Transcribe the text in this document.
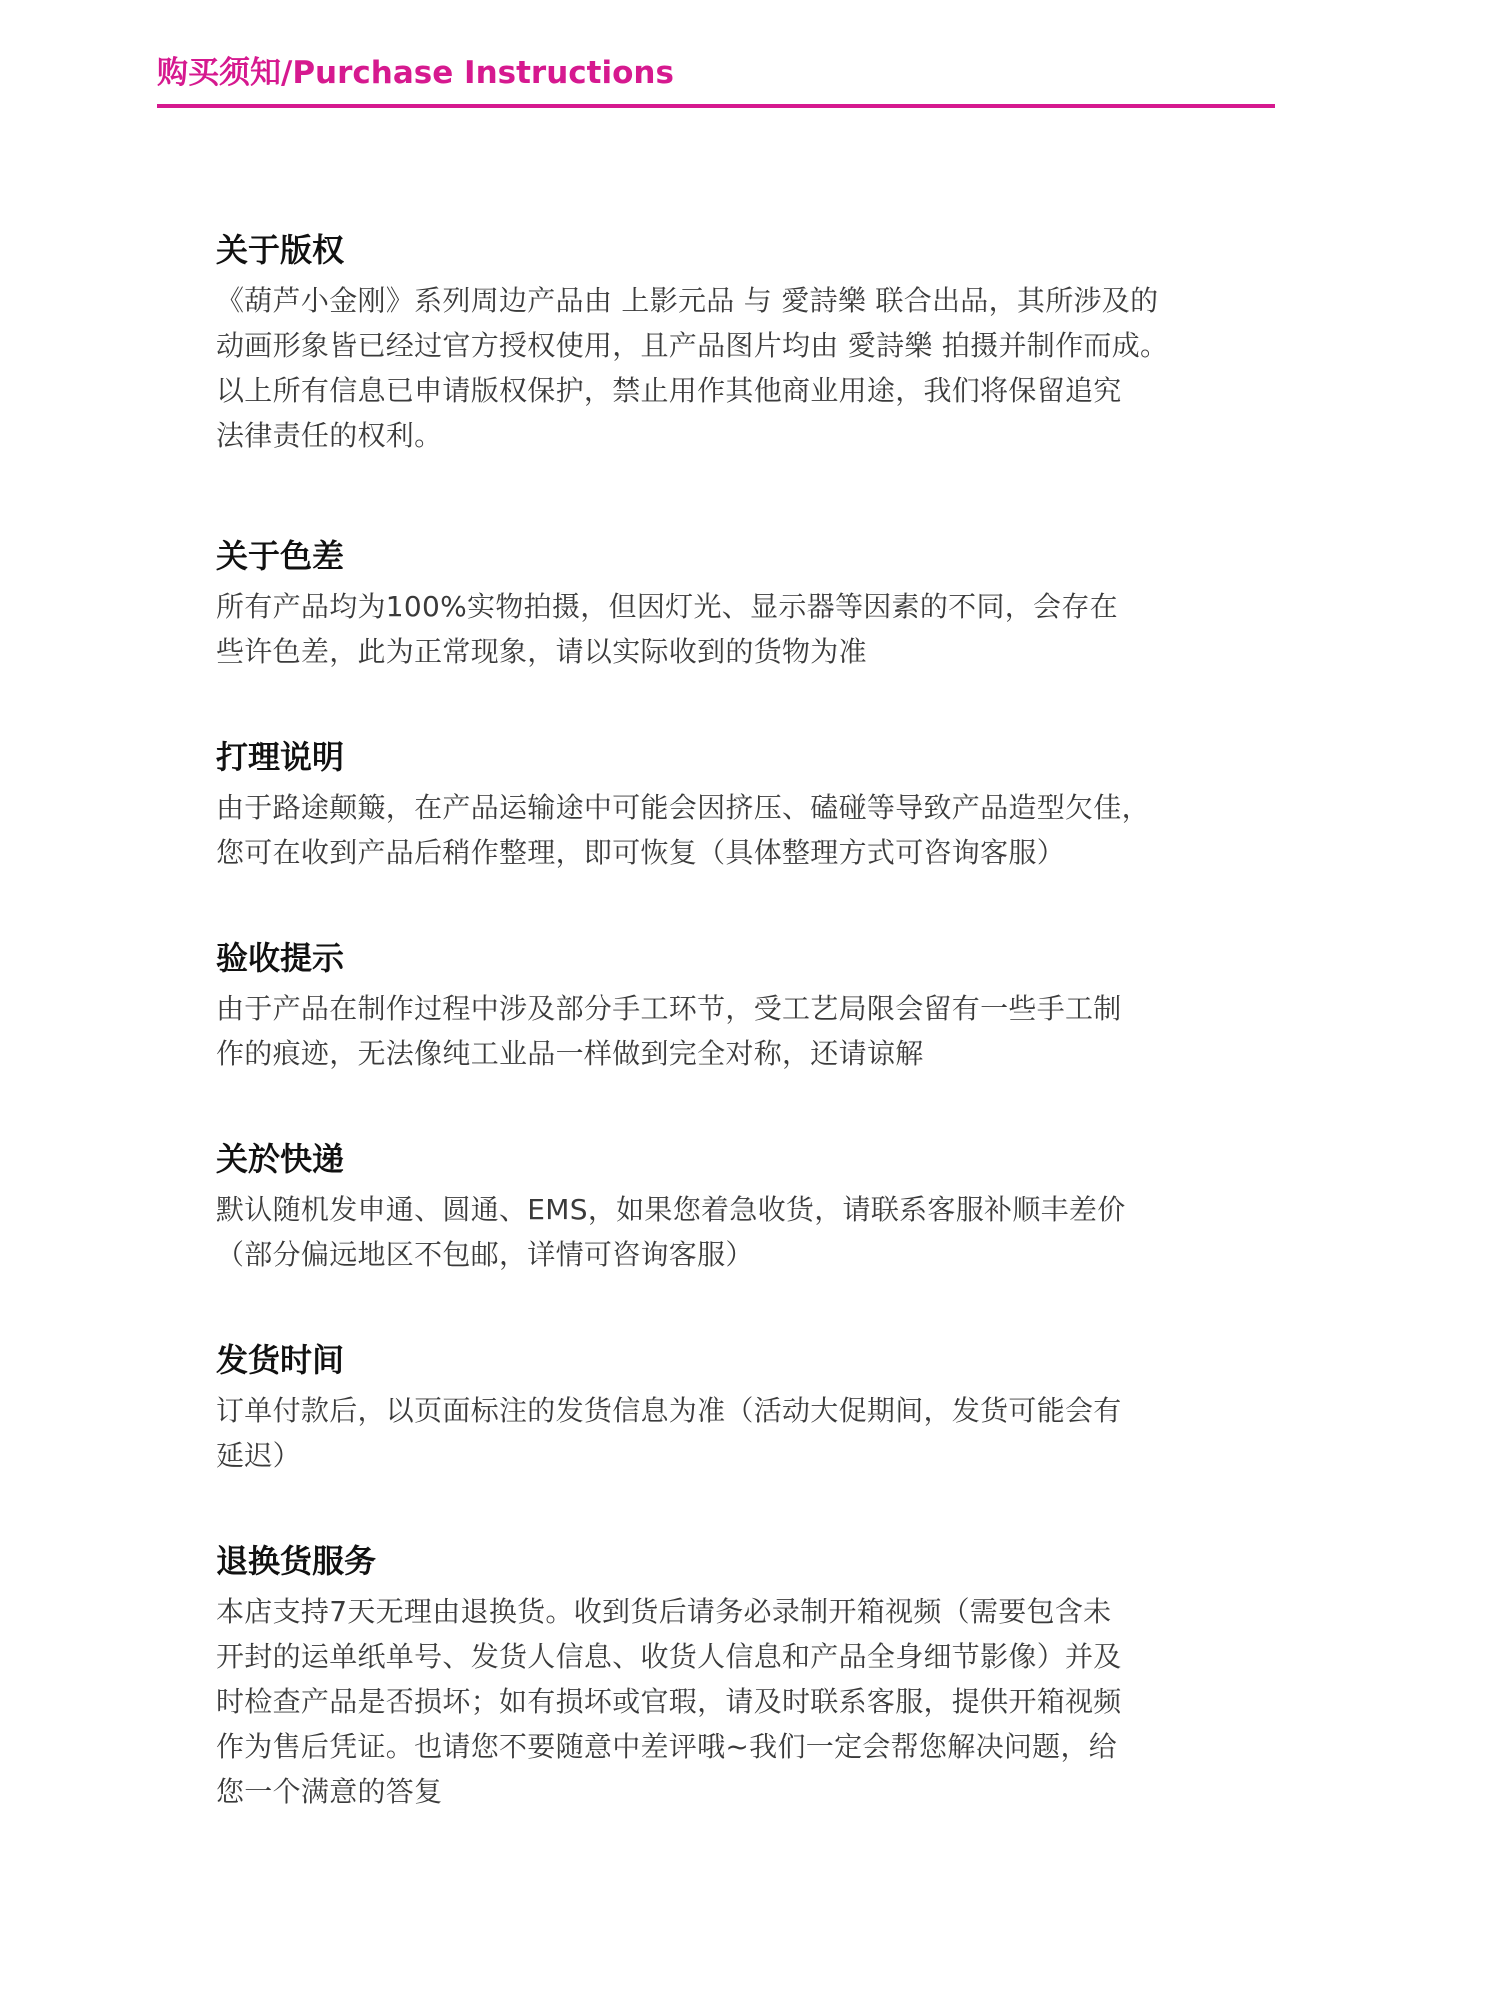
购买须知/Purchase Instructions
关于版权
《葫芦小金刚》系列周边产品由 上影元品 与 愛詩樂 联合出品，其所涉及的
动画形象皆已经过官方授权使用，且产品图片均由 愛詩樂 拍摄并制作而成。
以上所有信息已申请版权保护，禁止用作其他商业用途，我们将保留追究
法律责任的权利。
关于色差
所有产品均为100%实物拍摄，但因灯光、显示器等因素的不同，会存在
些许色差，此为正常现象，请以实际收到的货物为准
打理说明
由于路途颠簸，在产品运输途中可能会因挤压、磕碰等导致产品造型欠佳，
您可在收到产品后稍作整理，即可恢复（具体整理方式可咨询客服）
验收提示
由于产品在制作过程中涉及部分手工环节，受工艺局限会留有一些手工制
作的痕迹，无法像纯工业品一样做到完全对称，还请谅解
关於快递
默认随机发申通、圆通、EMS，如果您着急收货，请联系客服补顺丰差价
（部分偏远地区不包邮，详情可咨询客服）
发货时间
订单付款后，以页面标注的发货信息为准（活动大促期间，发货可能会有
延迟）
退换货服务
本店支持7天无理由退换货。收到货后请务必录制开箱视频（需要包含未
开封的运单纸单号、发货人信息、收货人信息和产品全身细节影像）并及
时检查产品是否损坏；如有损坏或官瑕，请及时联系客服，提供开箱视频
作为售后凭证。也请您不要随意中差评哦~我们一定会帮您解决问题，给
您一个满意的答复
